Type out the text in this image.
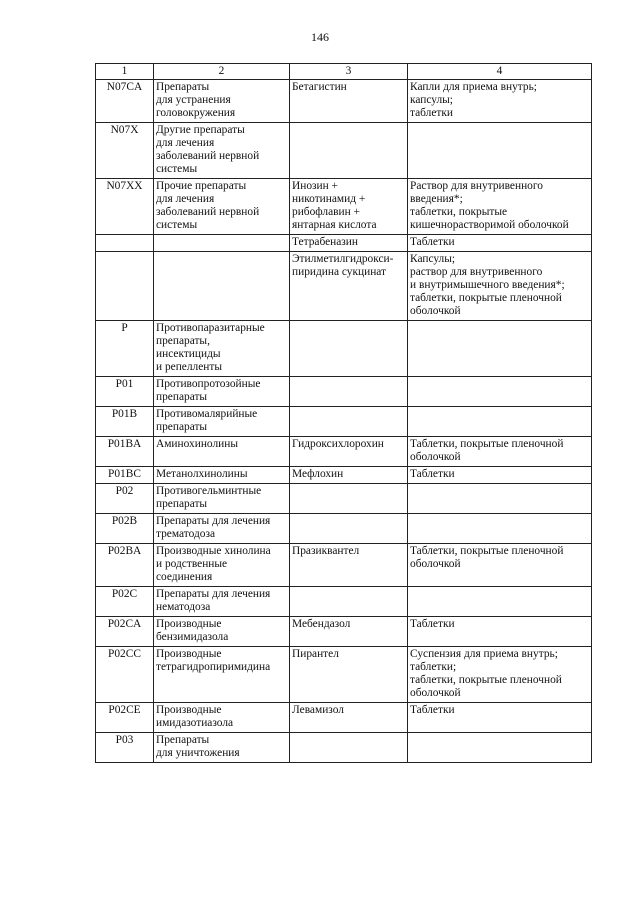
146
1	2	3	4
N07CA	Препараты
для устранения
головокружения	Бетагистин	Капли для приема внутрь;
капсулы;
таблетки
N07X	Другие препараты
для лечения
заболеваний нервной
системы		
N07XX	Прочие препараты
для лечения
заболеваний нервной
системы	Инозин +
никотинамид +
рибофлавин +
янтарная кислота	Раствор для внутривенного
введения*;
таблетки, покрытые
кишечнорастворимой оболочкой
		Тетрабеназин	Таблетки
		Этилметилгидрокси-
пиридина сукцинат	Капсулы;
раствор для внутривенного
и внутримышечного введения*;
таблетки, покрытые пленочной
оболочкой
P	Противопаразитарные
препараты,
инсектициды
и репелленты		
P01	Противопротозойные
препараты		
P01B	Противомалярийные
препараты		
P01BA	Аминохинолины	Гидроксихлорохин	Таблетки, покрытые пленочной
оболочкой
P01BC	Метанолхинолины	Мефлохин	Таблетки
P02	Противогельминтные
препараты		
P02B	Препараты для лечения
трематодоза		
P02BA	Производные хинолина
и родственные
соединения	Празиквантел	Таблетки, покрытые пленочной
оболочкой
P02C	Препараты для лечения
нематодоза		
P02CA	Производные
бензимидазола	Мебендазол	Таблетки
P02CC	Производные
тетрагидропиримидина	Пирантел	Суспензия для приема внутрь;
таблетки;
таблетки, покрытые пленочной
оболочкой
P02CE	Производные
имидазотиазола	Левамизол	Таблетки
P03	Препараты
для уничтожения		
